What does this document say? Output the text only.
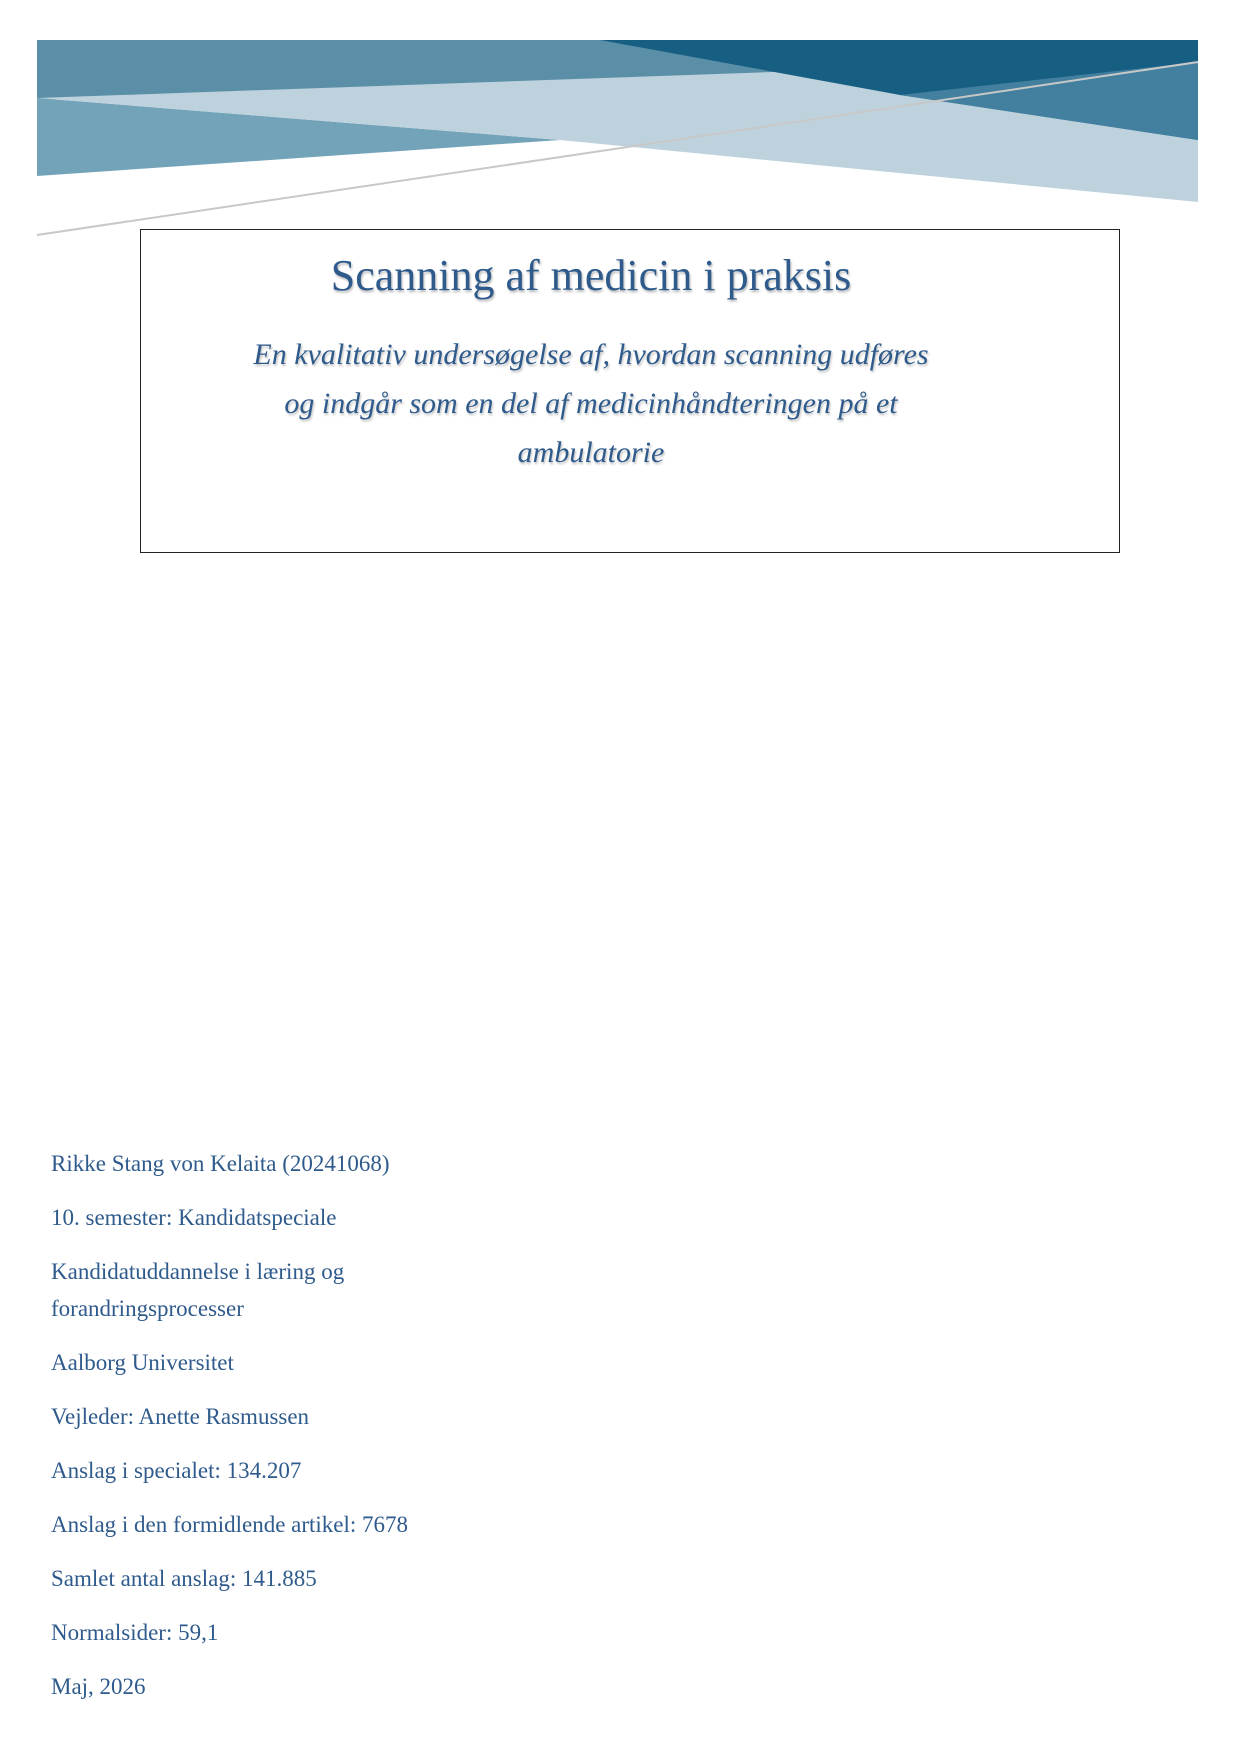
Scanning af medicin i praksis

En kvalitativ undersøgelse af, hvordan scanning udføres og indgår som en del af medicinhåndteringen på et ambulatorie

Rikke Stang von Kelaita (20241068)
10. semester: Kandidatspeciale
Kandidatuddannelse i læring og forandringsprocesser
Aalborg Universitet
Vejleder: Anette Rasmussen
Anslag i specialet: 134.207
Anslag i den formidlende artikel: 7678
Samlet antal anslag: 141.885
Normalsider: 59,1
Maj, 2026
